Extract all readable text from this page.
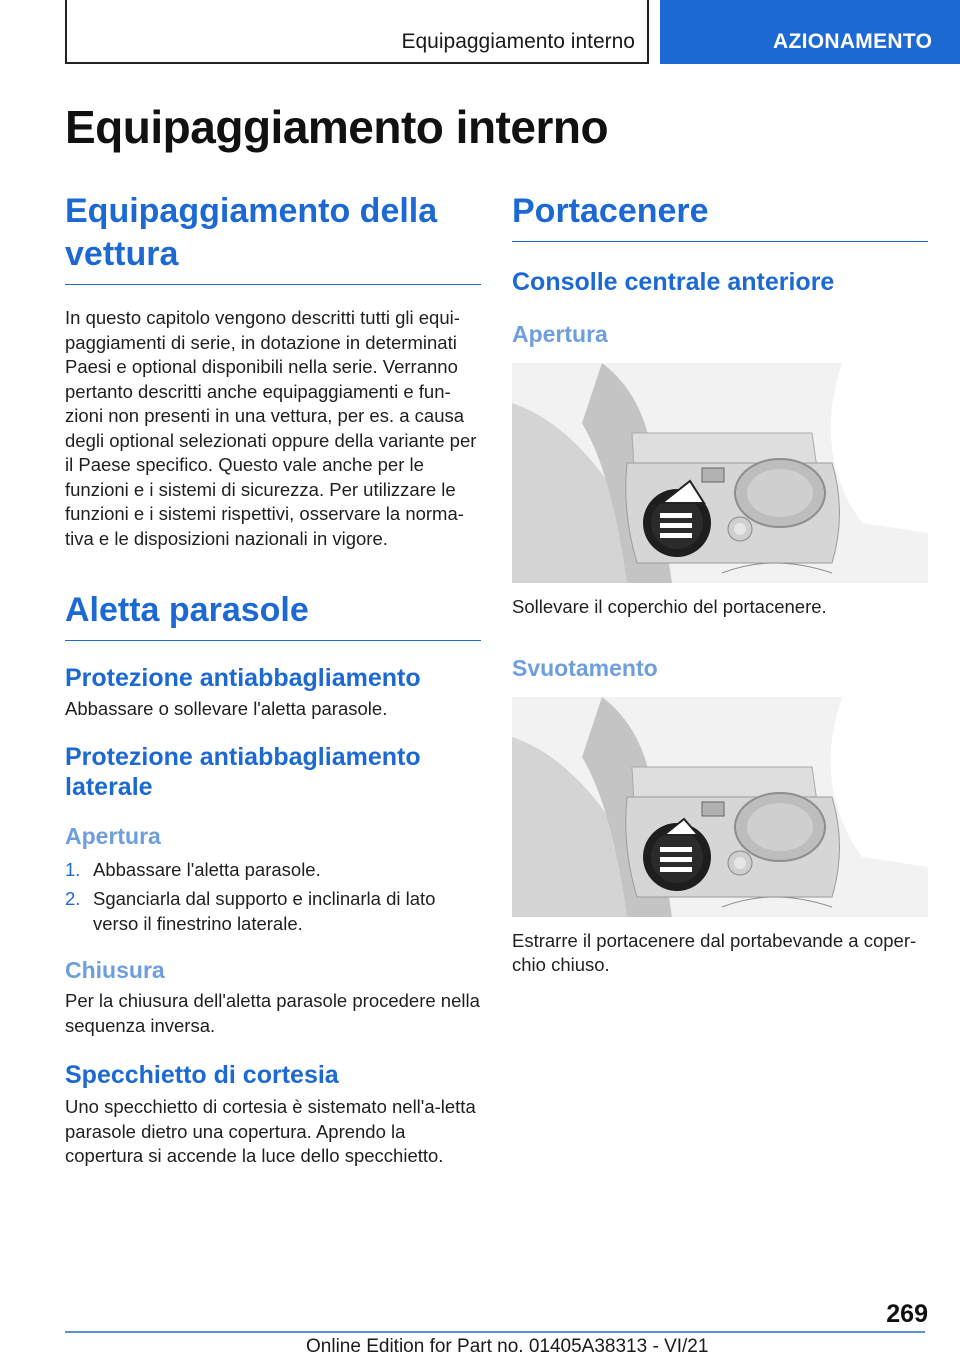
Equipaggiamento interno	AZIONAMENTO
Equipaggiamento interno
Equipaggiamento della vettura

In questo capitolo vengono descritti tutti gli equi-paggiamenti di serie, in dotazione in determinati Paesi e optional disponibili nella serie. Verranno pertanto descritti anche equipaggiamenti e fun-zioni non presenti in una vettura, per es. a causa degli optional selezionati oppure della variante per il Paese specifico. Questo vale anche per le funzioni e i sistemi di sicurezza. Per utilizzare le funzioni e i sistemi rispettivi, osservare la norma-tiva e le disposizioni nazionali in vigore.

Aletta parasole
Protezione antiabbagliamento

Abbassare o sollevare l'aletta parasole.

Protezione antiabbagliamento laterale
Apertura
1. Abbassare l'aletta parasole.
2. Sganciarla dal supporto e inclinarla di lato verso il finestrino laterale.
Chiusura

Per la chiusura dell'aletta parasole procedere nella sequenza inversa.

Specchietto di cortesia

Uno specchietto di cortesia è sistemato nell'a-letta parasole dietro una copertura. Aprendo la copertura si accende la luce dello specchietto.

Portacenere
Consolle centrale anteriore
Apertura

Sollevare il coperchio del portacenere.

Svuotamento

Estrarre il portacenere dal portabevande a coper-chio chiuso.

269
Online Edition for Part no. 01405A38313 - VI/21
